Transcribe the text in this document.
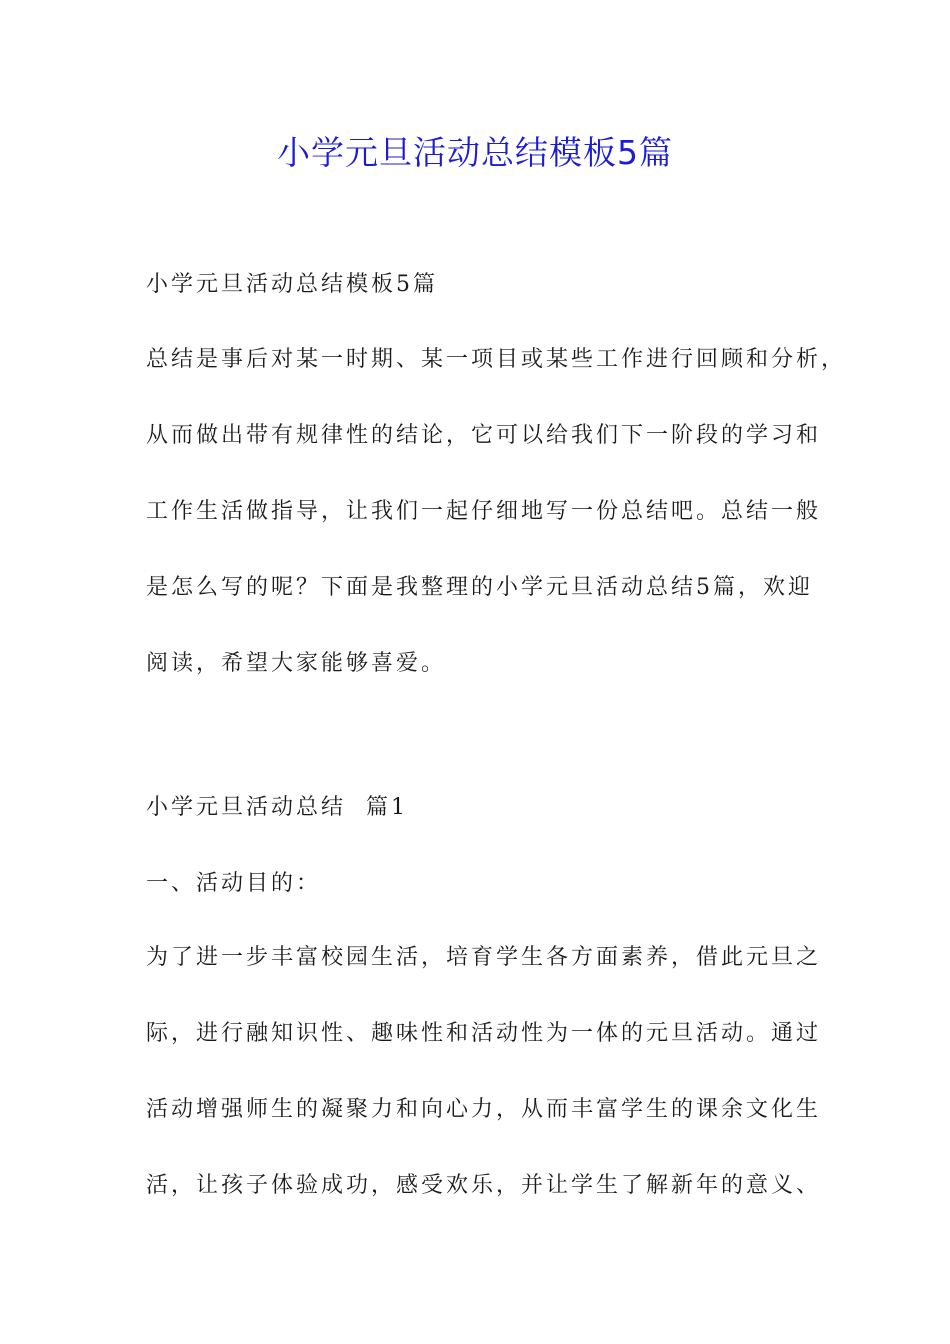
小学元旦活动总结模板5篇
小学元旦活动总结模板5篇
总结是事后对某一时期、某一项目或某些工作进行回顾和分析，
从而做出带有规律性的结论，它可以给我们下一阶段的学习和
工作生活做指导，让我们一起仔细地写一份总结吧。总结一般
是怎么写的呢？下面是我整理的小学元旦活动总结5篇，欢迎
阅读，希望大家能够喜爱。
小学元旦活动总结  篇1
一、活动目的：
为了进一步丰富校园生活，培育学生各方面素养，借此元旦之
际，进行融知识性、趣味性和活动性为一体的元旦活动。通过
活动增强师生的凝聚力和向心力，从而丰富学生的课余文化生
活，让孩子体验成功，感受欢乐，并让学生了解新年的意义、
